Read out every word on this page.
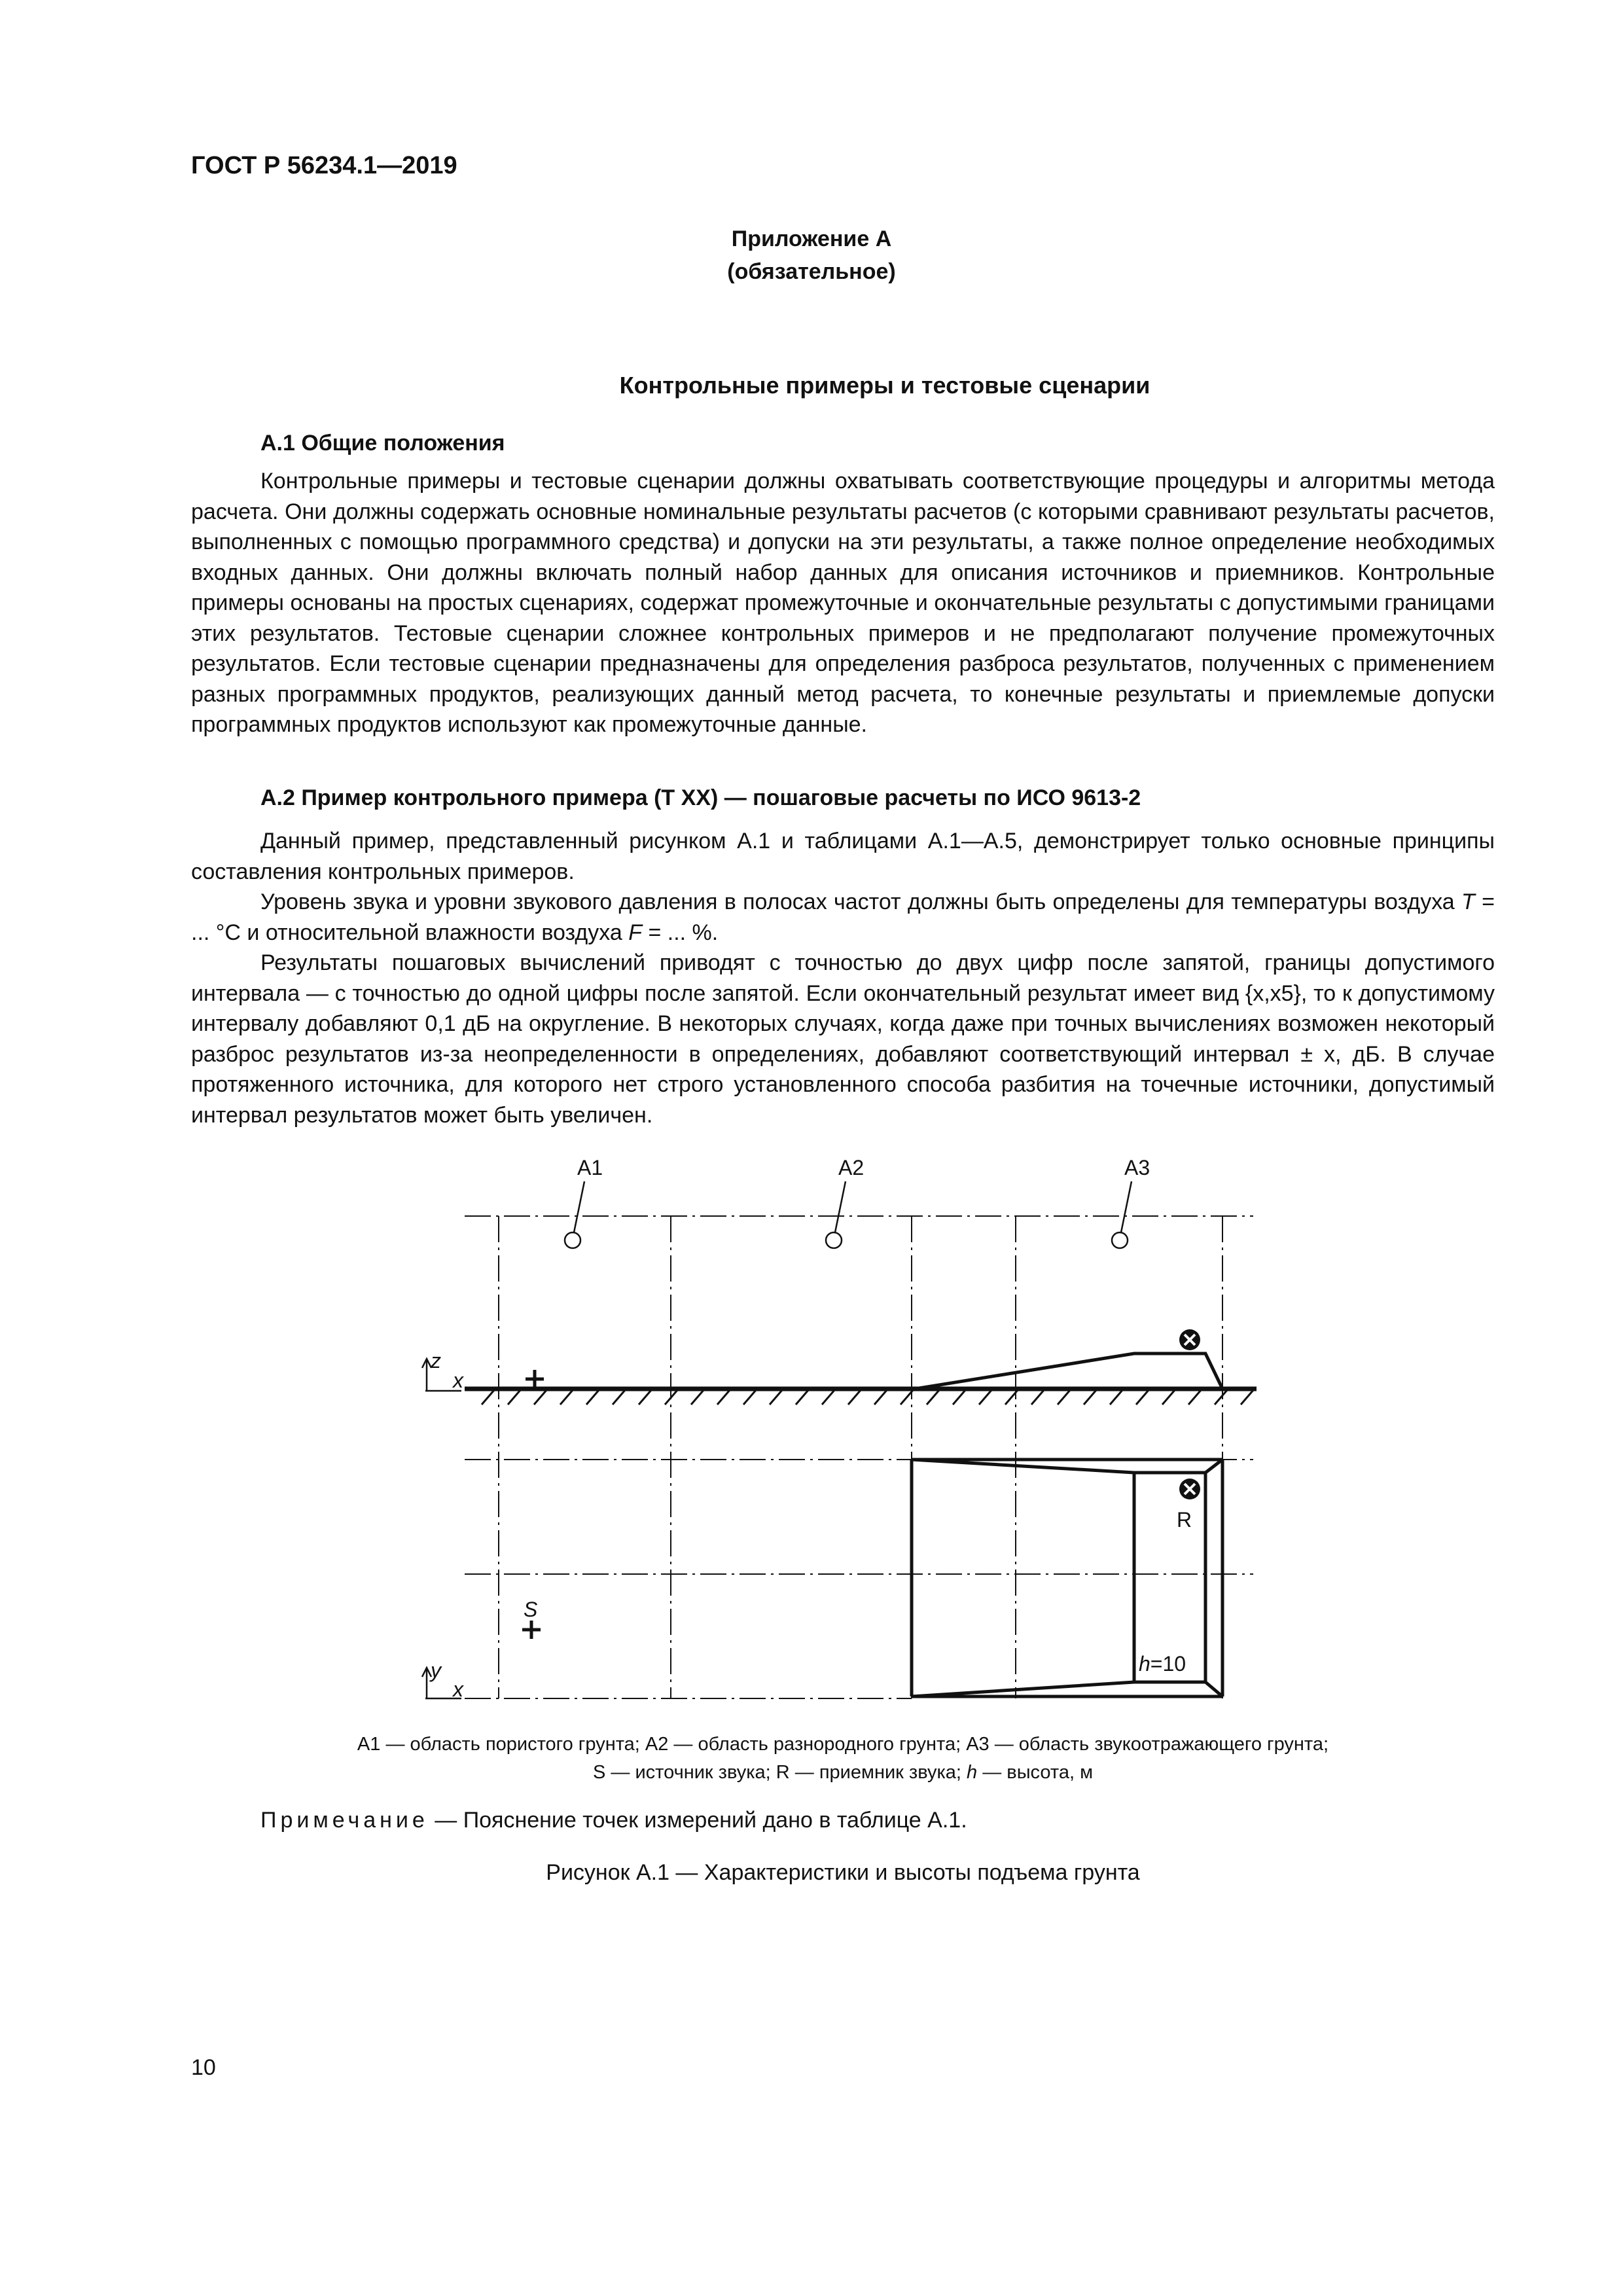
ГОСТ Р 56234.1—2019
Приложение А
(обязательное)
Контрольные примеры и тестовые сценарии
А.1 Общие положения

Контрольные примеры и тестовые сценарии должны охватывать соответствующие процедуры и алгоритмы метода расчета. Они должны содержать основные номинальные результаты расчетов (с которыми сравнивают результаты расчетов, выполненных с помощью программного средства) и допуски на эти результаты, а также полное определение необходимых входных данных. Они должны включать полный набор данных для описания источников и приемников. Контрольные примеры основаны на простых сценариях, содержат промежуточные и окончательные результаты с допустимыми границами этих результатов. Тестовые сценарии сложнее контрольных примеров и не предполагают получение промежуточных результатов. Если тестовые сценарии предназначены для определения разброса результатов, полученных с применением разных программных продуктов, реализующих данный метод расчета, то конечные результаты и приемлемые допуски программных продуктов используют как промежуточные данные.

А.2 Пример контрольного примера (Т XX) — пошаговые расчеты по ИСО 9613-2

Данный пример, представленный рисунком А.1 и таблицами А.1—А.5, демонстрирует только основные принципы составления контрольных примеров.

Уровень звука и уровни звукового давления в полосах частот должны быть определены для температуры воздуха T = ... °С и относительной влажности воздуха F = ... %.

Результаты пошаговых вычислений приводят с точностью до двух цифр после запятой, границы допустимого интервала — с точностью до одной цифры после запятой. Если окончательный результат имеет вид {x,x5}, то к допустимому интервалу добавляют 0,1 дБ на округление. В некоторых случаях, когда даже при точных вычислениях возможен некоторый разброс результатов из-за неопределенности в определениях, добавляют соответствующий интервал ± x, дБ. В случае протяженного источника, для которого нет строго установленного способа разбития на точечные источники, допустимый интервал результатов может быть увеличен.

А1	А2	А3
z
x
y
x
S
R
h=10
А1 — область пористого грунта; А2 — область разнородного грунта; А3 — область звукоотражающего грунта;
S — источник звука; R — приемник звука; h — высота, м
Примечание — Пояснение точек измерений дано в таблице А.1.
Рисунок А.1 — Характеристики и высоты подъема грунта
10
